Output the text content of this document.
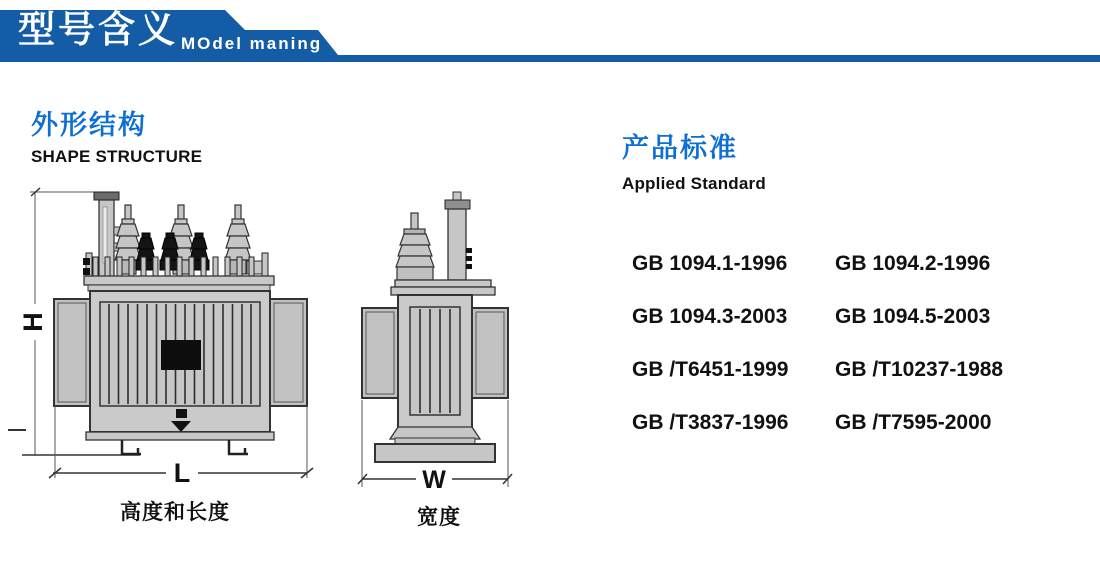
型号含义 MOdel maning
外形结构
SHAPE STRUCTURE	产品标准
Applied Standard
GB 1094.1-1996	GB 1094.2-1996
GB 1094.3-2003	GB 1094.5-2003
GB /T6451-1999	GB /T10237-1988
GB /T3837-1996	GB /T7595-2000
H
L
高度和长度
W
宽度
